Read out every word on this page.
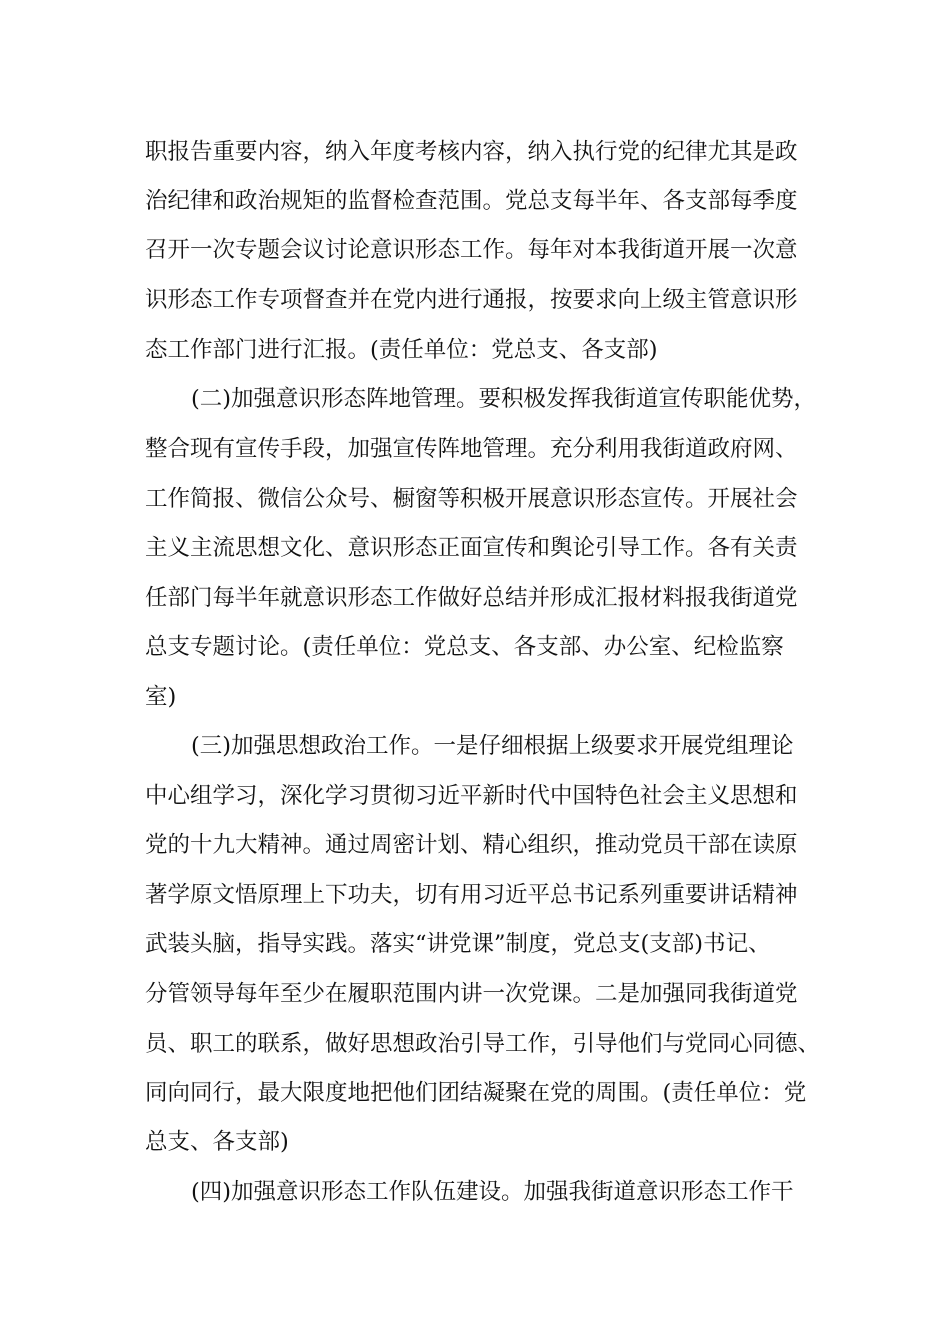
职报告重要内容，纳入年度考核内容，纳入执行党的纪律尤其是政

治纪律和政治规矩的监督检查范围。党总支每半年、各支部每季度

召开一次专题会议讨论意识形态工作。每年对本我街道开展一次意

识形态工作专项督查并在党内进行通报，按要求向上级主管意识形

态工作部门进行汇报。(责任单位：党总支、各支部)

(二)加强意识形态阵地管理。要积极发挥我街道宣传职能优势，

整合现有宣传手段，加强宣传阵地管理。充分利用我街道政府网、

工作简报、微信公众号、橱窗等积极开展意识形态宣传。开展社会

主义主流思想文化、意识形态正面宣传和舆论引导工作。各有关责

任部门每半年就意识形态工作做好总结并形成汇报材料报我街道党

总支专题讨论。(责任单位：党总支、各支部、办公室、纪检监察

室)

(三)加强思想政治工作。一是仔细根据上级要求开展党组理论

中心组学习，深化学习贯彻习近平新时代中国特色社会主义思想和

党的十九大精神。通过周密计划、精心组织，推动党员干部在读原

著学原文悟原理上下功夫，切有用习近平总书记系列重要讲话精神

武装头脑，指导实践。落实“讲党课”制度，党总支(支部)书记、

分管领导每年至少在履职范围内讲一次党课。二是加强同我街道党

员、职工的联系，做好思想政治引导工作，引导他们与党同心同德、

同向同行，最大限度地把他们团结凝聚在党的周围。(责任单位：党

总支、各支部)

(四)加强意识形态工作队伍建设。加强我街道意识形态工作干
